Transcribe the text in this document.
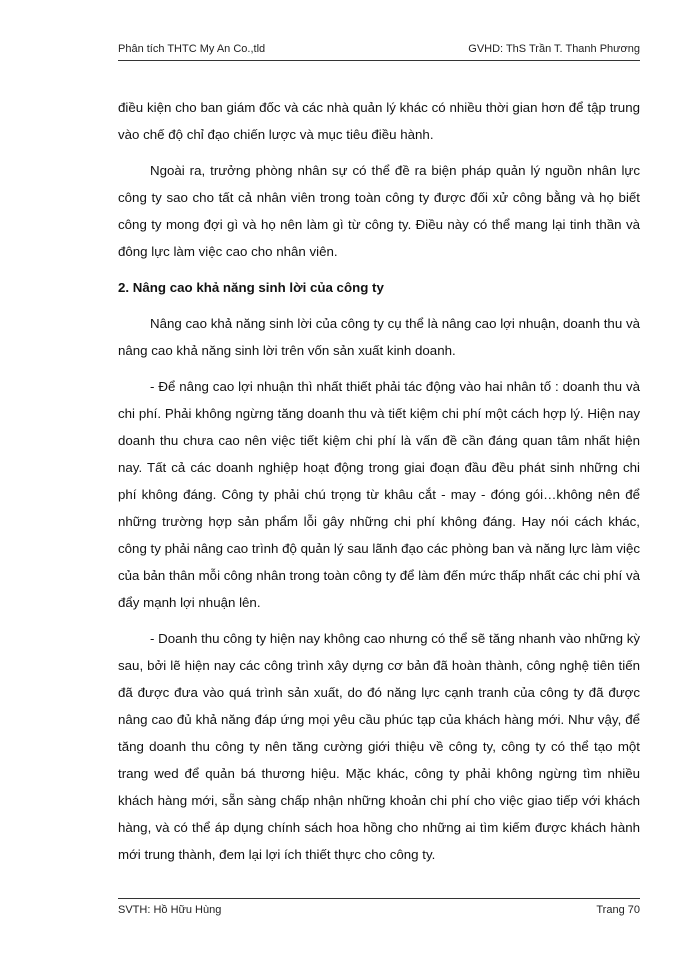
Phân tích THTC My An Co.,tld	GVHD: ThS Trần T. Thanh Phương

điều kiện cho ban giám đốc và các nhà quản lý khác có nhiều thời gian hơn để tập trung vào chế độ chỉ đạo chiến lược và mục tiêu điều hành.

Ngoài ra, trưởng phòng nhân sự có thể đề ra biện pháp quản lý nguồn nhân lực công ty sao cho tất cả nhân viên trong toàn công ty được đối xử công bằng và họ biết công ty mong đợi gì và họ nên làm gì từ công ty. Điều này có thể mang lại tinh thần và đông lực làm việc cao cho nhân viên.

2. Nâng cao khả năng sinh lời của công ty

Nâng cao khả năng sinh lời của công ty cụ thể là nâng cao lợi nhuận, doanh thu và nâng cao khả năng sinh lời trên vốn sản xuất kinh doanh.

- Để nâng cao lợi nhuận thì nhất thiết phải tác động vào hai nhân tố : doanh thu và chi phí. Phải không ngừng tăng doanh thu và tiết kiệm chi phí một cách hợp lý. Hiện nay doanh thu chưa cao nên việc tiết kiệm chi phí là vấn đề cần đáng quan tâm nhất hiện nay. Tất cả các doanh nghiệp hoạt động trong giai đoạn đầu đều phát sinh những chi phí không đáng. Công ty phải chú trọng từ khâu cắt - may - đóng gói…không nên để những trường hợp sản phẩm lỗi gây những chi phí không đáng. Hay nói cách khác, công ty phải nâng cao trình độ quản lý sau lãnh đạo các phòng ban và năng lực làm việc của bản thân mỗi công nhân trong toàn công ty để làm đến mức thấp nhất các chi phí và đẩy mạnh lợi nhuận lên.

- Doanh thu công ty hiện nay không cao nhưng có thể sẽ tăng nhanh vào những kỳ sau, bởi lẽ hiện nay các công trình xây dựng cơ bản đã hoàn thành, công nghệ tiên tiến đã được đưa vào quá trình sản xuất, do đó năng lực cạnh tranh của công ty đã được nâng cao đủ khả năng đáp ứng mọi yêu cầu phúc tạp của khách hàng mới. Như vậy, để tăng doanh thu công ty nên tăng cường giới thiệu về công ty, công ty có thể tạo một trang wed để quản bá thương hiệu. Mặc khác, công ty phải không ngừng tìm nhiều khách hàng mới, sẵn sàng chấp nhận những khoản chi phí cho việc giao tiếp với khách hàng, và có thể áp dụng chính sách hoa hồng cho những ai tìm kiếm được khách hành mới trung thành, đem lại lợi ích thiết thực cho công ty.

SVTH: Hồ Hữu Hùng	Trang 70
